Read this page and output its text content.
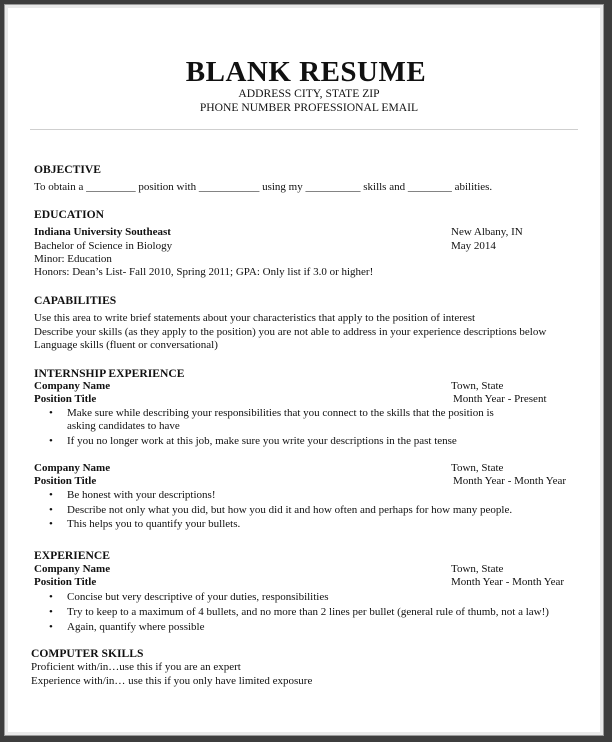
BLANK RESUME
ADDRESS CITY, STATE ZIP
PHONE NUMBER PROFESSIONAL EMAIL
OBJECTIVE
To obtain a _________ position with ___________ using my __________ skills and ________ abilities.
EDUCATION
Indiana University Southeast	New Albany, IN
Bachelor of Science in Biology	May 2014
Minor: Education
Honors: Dean’s List- Fall 2010, Spring 2011; GPA: Only list if 3.0 or higher!
CAPABILITIES
Use this area to write brief statements about your characteristics that apply to the position of interest
Describe your skills (as they apply to the position) you are not able to address in your experience descriptions below
Language skills (fluent or conversational)
INTERNSHIP EXPERIENCE
Company Name	Town, State
Position Title	Month Year - Present
• Make sure while describing your responsibilities that you connect to the skills that the position is
asking candidates to have
• If you no longer work at this job, make sure you write your descriptions in the past tense
Company Name	Town, State
Position Title	Month Year - Month Year
• Be honest with your descriptions!
• Describe not only what you did, but how you did it and how often and perhaps for how many people.
• This helps you to quantify your bullets.
EXPERIENCE
Company Name	Town, State
Position Title	Month Year - Month Year
• Concise but very descriptive of your duties, responsibilities
• Try to keep to a maximum of 4 bullets, and no more than 2 lines per bullet (general rule of thumb, not a law!)
• Again, quantify where possible
COMPUTER SKILLS
Proficient with/in…use this if you are an expert
Experience with/in… use this if you only have limited exposure
